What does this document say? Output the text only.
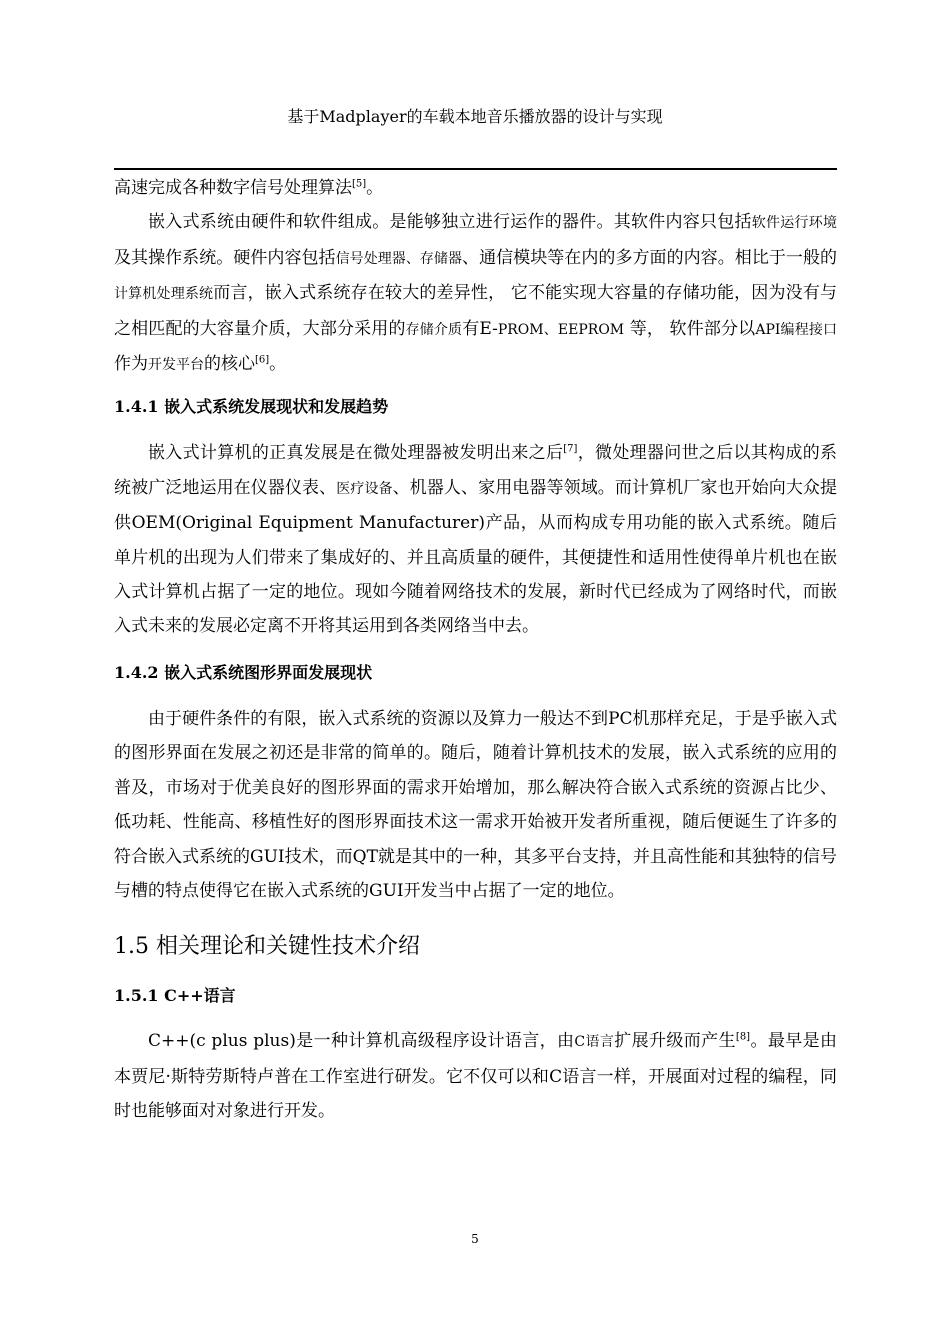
基于Madplayer的车载本地音乐播放器的设计与实现

高速完成各种数字信号处理算法[5]。

嵌入式系统由硬件和软件组成。是能够独立进行运作的器件。其软件内容只包括软件运行环境及其操作系统。硬件内容包括信号处理器、存储器、通信模块等在内的多方面的内容。相比于一般的计算机处理系统而言，嵌入式系统存在较大的差异性， 它不能实现大容量的存储功能，因为没有与之相匹配的大容量介质，大部分采用的存储介质有E-PROM、EEPROM 等， 软件部分以API编程接口作为开发平台的核心[6]。

1.4.1 嵌入式系统发展现状和发展趋势

嵌入式计算机的正真发展是在微处理器被发明出来之后[7]，微处理器问世之后以其构成的系统被广泛地运用在仪器仪表、医疗设备、机器人、家用电器等领域。而计算机厂家也开始向大众提供OEM(Original Equipment Manufacturer)产品，从而构成专用功能的嵌入式系统。随后单片机的出现为人们带来了集成好的、并且高质量的硬件，其便捷性和适用性使得单片机也在嵌入式计算机占据了一定的地位。现如今随着网络技术的发展，新时代已经成为了网络时代，而嵌入式未来的发展必定离不开将其运用到各类网络当中去。

1.4.2 嵌入式系统图形界面发展现状

由于硬件条件的有限，嵌入式系统的资源以及算力一般达不到PC机那样充足，于是乎嵌入式的图形界面在发展之初还是非常的简单的。随后，随着计算机技术的发展，嵌入式系统的应用的普及，市场对于优美良好的图形界面的需求开始增加，那么解决符合嵌入式系统的资源占比少、低功耗、性能高、移植性好的图形界面技术这一需求开始被开发者所重视，随后便诞生了许多的符合嵌入式系统的GUI技术，而QT就是其中的一种，其多平台支持，并且高性能和其独特的信号与槽的特点使得它在嵌入式系统的GUI开发当中占据了一定的地位。

1.5 相关理论和关键性技术介绍
1.5.1 C++语言

C++(c plus plus)是一种计算机高级程序设计语言，由C语言扩展升级而产生[8]。最早是由本贾尼·斯特劳斯特卢普在工作室进行研发。它不仅可以和C语言一样，开展面对过程的编程，同时也能够面对对象进行开发。

5
